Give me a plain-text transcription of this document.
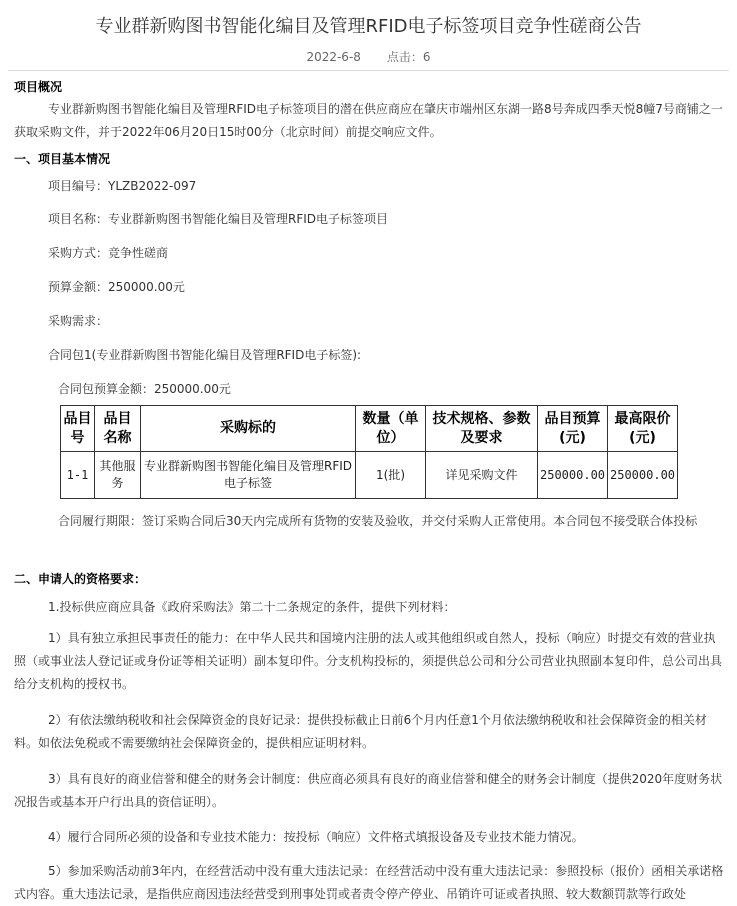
专业群新购图书智能化编目及管理RFID电子标签项目竞争性磋商公告
2022-6-8 点击：6
项目概况
专业群新购图书智能化编目及管理RFID电子标签项目的潜在供应商应在肇庆市端州区东湖一路8号奔成四季天悦8幢7号商铺之一获取采购文件，并于2022年06月20日15时00分（北京时间）前提交响应文件。
一、项目基本情况
项目编号：YLZB2022-097
项目名称：专业群新购图书智能化编目及管理RFID电子标签项目
采购方式：竞争性磋商
预算金额：250000.00元
采购需求：
合同包1(专业群新购图书智能化编目及管理RFID电子标签):
合同包预算金额：250000.00元
品目号	品目名称	采购标的	数量（单位）	技术规格、参数及要求	品目预算(元)	最高限价(元)
1-1	其他服务	专业群新购图书智能化编目及管理RFID电子标签	1(批)	详见采购文件	250000.00	250000.00
合同履行期限：签订采购合同后30天内完成所有货物的安装及验收，并交付采购人正常使用。本合同包不接受联合体投标
二、申请人的资格要求：
1.投标供应商应具备《政府采购法》第二十二条规定的条件，提供下列材料：
1）具有独立承担民事责任的能力：在中华人民共和国境内注册的法人或其他组织或自然人，投标（响应）时提交有效的营业执照（或事业法人登记证或身份证等相关证明）副本复印件。分支机构投标的，须提供总公司和分公司营业执照副本复印件，总公司出具给分支机构的授权书。
2）有依法缴纳税收和社会保障资金的良好记录：提供投标截止日前6个月内任意1个月依法缴纳税收和社会保障资金的相关材料。如依法免税或不需要缴纳社会保障资金的，提供相应证明材料。
3）具有良好的商业信誉和健全的财务会计制度：供应商必须具有良好的商业信誉和健全的财务会计制度（提供2020年度财务状况报告或基本开户行出具的资信证明）。
4）履行合同所必须的设备和专业技术能力：按投标（响应）文件格式填报设备及专业技术能力情况。
5）参加采购活动前3年内，在经营活动中没有重大违法记录：在经营活动中没有重大违法记录：参照投标（报价）函相关承诺格式内容。重大违法记录，是指供应商因违法经营受到刑事处罚或者责令停产停业、吊销许可证或者执照、较大数额罚款等行政处
